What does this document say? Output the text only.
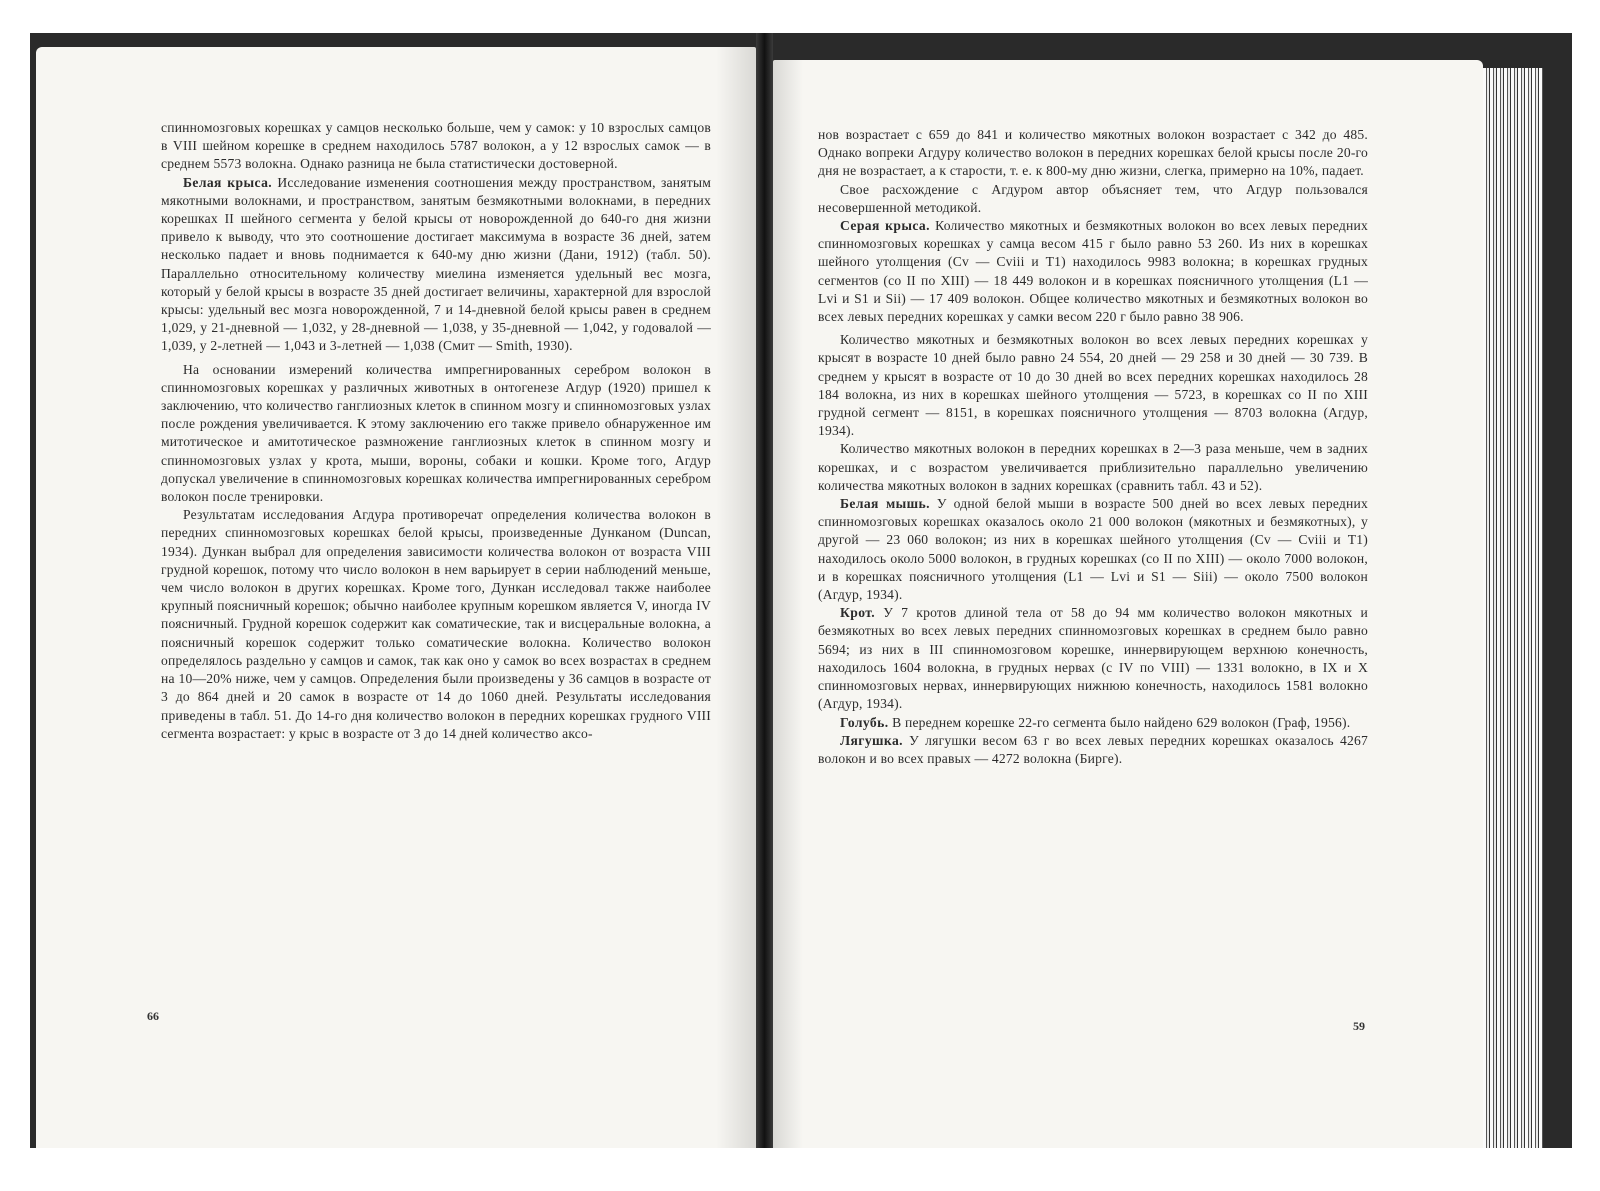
спинномозговых корешках у самцов несколько больше, чем у самок: у 10 взрослых самцов в VIII шейном корешке в среднем находилось 5787 волокон, а у 12 взрослых самок — в среднем 5573 волокна. Однако разница не была статистически достоверной.

Белая крыса. Исследование изменения соотношения между пространством, занятым мякотными волокнами, и пространством, занятым безмякотными волокнами, в передних корешках II шейного сегмента у белой крысы от новорожденной до 640-го дня жизни привело к выводу, что это соотношение достигает максимума в возрасте 36 дней, затем несколько падает и вновь поднимается к 640-му дню жизни (Дани, 1912) (табл. 50). Параллельно относительному количеству миелина изменяется удельный вес мозга, который у белой крысы в возрасте 35 дней достигает величины, характерной для взрослой крысы: удельный вес мозга новорожденной, 7 и 14-дневной белой крысы равен в среднем 1,029, у 21-дневной — 1,032, у 28-дневной — 1,038, у 35-дневной — 1,042, у годовалой — 1,039, у 2-летней — 1,043 и 3-летней — 1,038 (Смит — Smith, 1930).

На основании измерений количества импрегнированных серебром волокон в спинномозговых корешках у различных животных в онтогенезе Агдур (1920) пришел к заключению, что количество ганглиозных клеток в спинном мозгу и спинномозговых узлах после рождения увеличивается. К этому заключению его также привело обнаруженное им митотическое и амитотическое размножение ганглиозных клеток в спинном мозгу и спинномозговых узлах у крота, мыши, вороны, собаки и кошки. Кроме того, Агдур допускал увеличение в спинномозговых корешках количества импрегнированных серебром волокон после тренировки.

Результатам исследования Агдура противоречат определения количества волокон в передних спинномозговых корешках белой крысы, произведенные Дунканом (Duncan, 1934). Дункан выбрал для определения зависимости количества волокон от возраста VIII грудной корешок, потому что число волокон в нем варьирует в серии наблюдений меньше, чем число волокон в других корешках. Кроме того, Дункан исследовал также наиболее крупный поясничный корешок; обычно наиболее крупным корешком является V, иногда IV поясничный. Грудной корешок содержит как соматические, так и висцеральные волокна, а поясничный корешок содержит только соматические волокна. Количество волокон определялось раздельно у самцов и самок, так как оно у самок во всех возрастах в среднем на 10—20% ниже, чем у самцов. Определения были произведены у 36 самцов в возрасте от 3 до 864 дней и 20 самок в возрасте от 14 до 1060 дней. Результаты исследования приведены в табл. 51. До 14-го дня количество волокон в передних корешках грудного VIII сегмента возрастает: у крыс в возрасте от 3 до 14 дней количество аксо-

66

нов возрастает с 659 до 841 и количество мякотных волокон возрастает с 342 до 485. Однако вопреки Агдуру количество волокон в передних корешках белой крысы после 20-го дня не возрастает, а к старости, т. е. к 800-му дню жизни, слегка, примерно на 10%, падает.

Свое расхождение с Агдуром автор объясняет тем, что Агдур пользовался несовершенной методикой.

Серая крыса. Количество мякотных и безмякотных волокон во всех левых передних спинномозговых корешках у самца весом 415 г было равно 53 260. Из них в корешках шейного утолщения (Cv — Cviii и T1) находилось 9983 волокна; в корешках грудных сегментов (со II по XIII) — 18 449 волокон и в корешках поясничного утолщения (L1 — Lvi и S1 и Sii) — 17 409 волокон. Общее количество мякотных и безмякотных волокон во всех левых передних корешках у самки весом 220 г было равно 38 906.

Количество мякотных и безмякотных волокон во всех левых передних корешках у крысят в возрасте 10 дней было равно 24 554, 20 дней — 29 258 и 30 дней — 30 739. В среднем у крысят в возрасте от 10 до 30 дней во всех передних корешках находилось 28 184 волокна, из них в корешках шейного утолщения — 5723, в корешках со II по XIII грудной сегмент — 8151, в корешках поясничного утолщения — 8703 волокна (Агдур, 1934).

Количество мякотных волокон в передних корешках в 2—3 раза меньше, чем в задних корешках, и с возрастом увеличивается приблизительно параллельно увеличению количества мякотных волокон в задних корешках (сравнить табл. 43 и 52).

Белая мышь. У одной белой мыши в возрасте 500 дней во всех левых передних спинномозговых корешках оказалось около 21 000 волокон (мякотных и безмякотных), у другой — 23 060 волокон; из них в корешках шейного утолщения (Cv — Cviii и T1) находилось около 5000 волокон, в грудных корешках (со II по XIII) — около 7000 волокон, и в корешках поясничного утолщения (L1 — Lvi и S1 — Siii) — около 7500 волокон (Агдур, 1934).

Крот. У 7 кротов длиной тела от 58 до 94 мм количество волокон мякотных и безмякотных во всех левых передних спинномозговых корешках в среднем было равно 5694; из них в III спинномозговом корешке, иннервирующем верхнюю конечность, находилось 1604 волокна, в грудных нервах (с IV по VIII) — 1331 волокно, в IX и X спинномозговых нервах, иннервирующих нижнюю конечность, находилось 1581 волокно (Агдур, 1934).

Голубь. В переднем корешке 22-го сегмента было найдено 629 волокон (Граф, 1956).

Лягушка. У лягушки весом 63 г во всех левых передних корешках оказалось 4267 волокон и во всех правых — 4272 волокна (Бирге).

59
